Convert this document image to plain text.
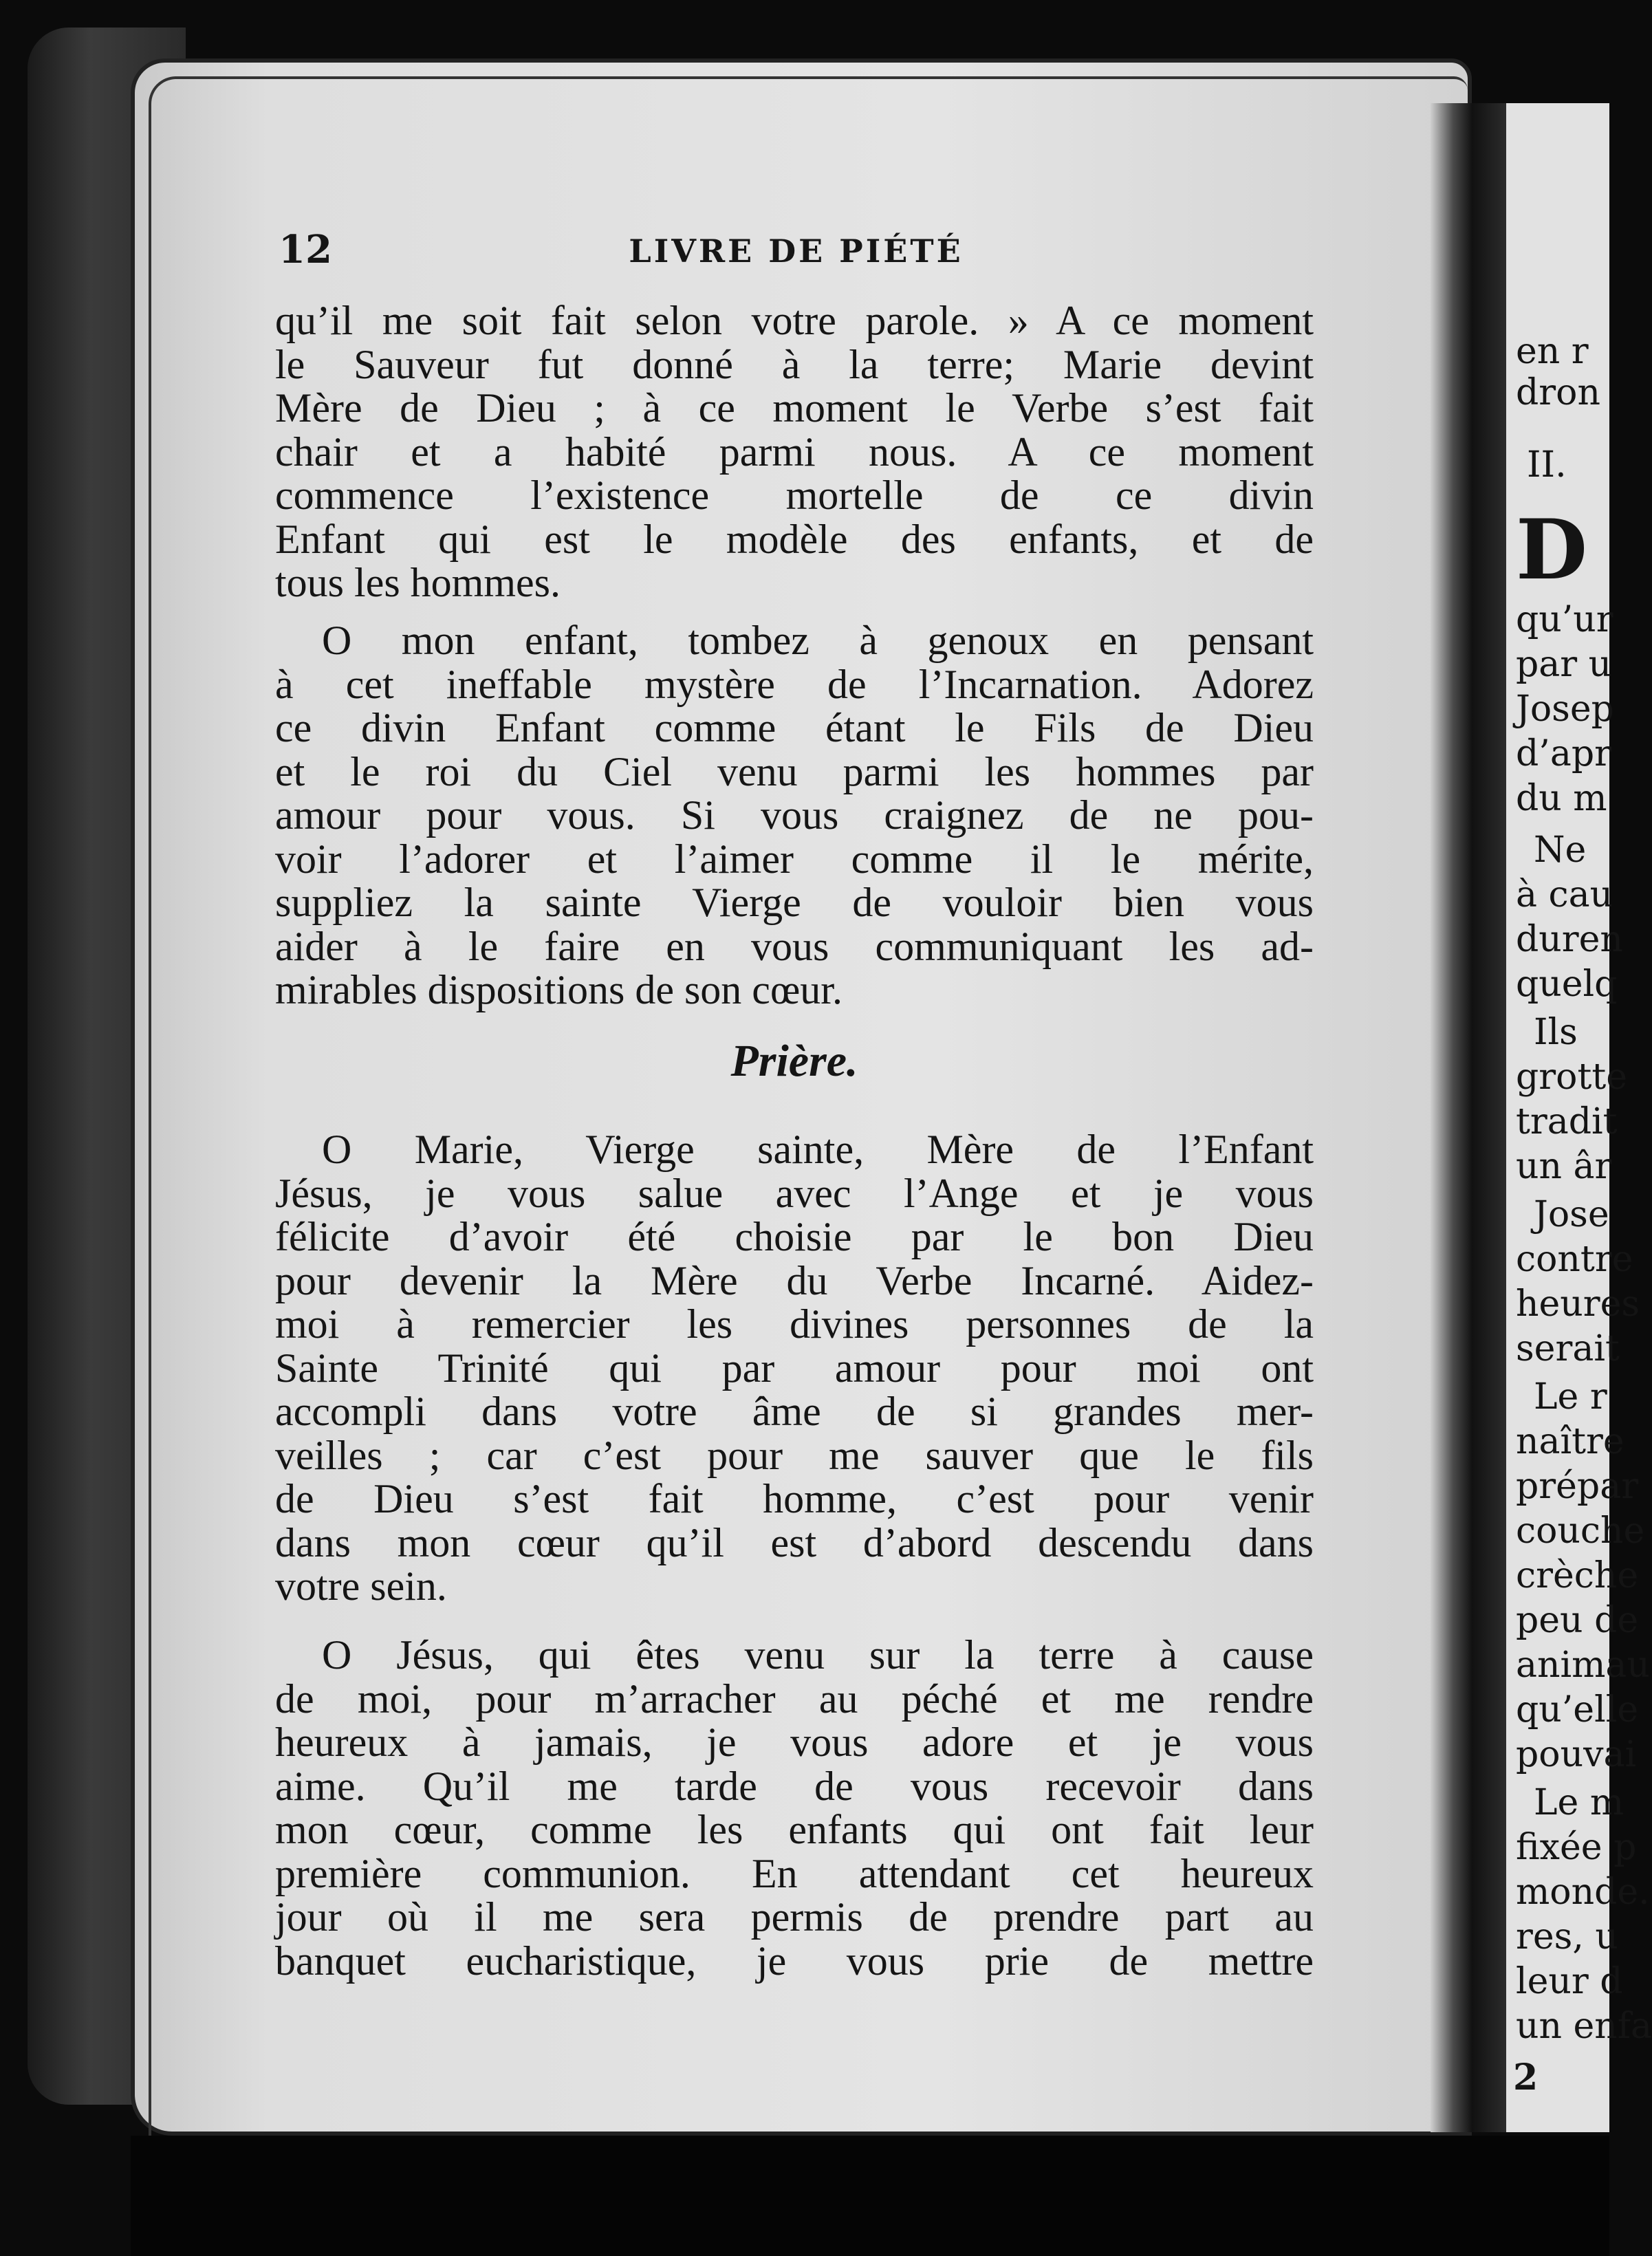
en r
dron
II.
D
qu’ur
par u
Josep
d’apr
du m
Ne
à cau
duren
quelq
Ils
grotte
tradit
un âr
Jose
contre
heures
serait
Le r
naître
prépar
couche
crèche
peu de
animau
qu’elle
pouvai
Le m
fixée p
monde.
res, u
leur d
un enfa
2
12	LIVRE DE PIÉTÉ
qu’il me soit fait selon votre parole. » A ce moment
le Sauveur fut donné à la terre; Marie devint
Mère de Dieu ; à ce moment le Verbe s’est fait
chair et a habité parmi nous. A ce moment
commence l’existence mortelle de ce divin
Enfant qui est le modèle des enfants, et de
tous les hommes.
O mon enfant, tombez à genoux en pensant
à cet ineffable mystère de l’Incarnation. Adorez
ce divin Enfant comme étant le Fils de Dieu
et le roi du Ciel venu parmi les hommes par
amour pour vous. Si vous craignez de ne pou-
voir l’adorer et l’aimer comme il le mérite,
suppliez la sainte Vierge de vouloir bien vous
aider à le faire en vous communiquant les ad-
mirables dispositions de son cœur.
Prière.
O Marie, Vierge sainte, Mère de l’Enfant
Jésus, je vous salue avec l’Ange et je vous
félicite d’avoir été choisie par le bon Dieu
pour devenir la Mère du Verbe Incarné. Aidez-
moi à remercier les divines personnes de la
Sainte Trinité qui par amour pour moi ont
accompli dans votre âme de si grandes mer-
veilles ; car c’est pour me sauver que le fils
de Dieu s’est fait homme, c’est pour venir
dans mon cœur qu’il est d’abord descendu dans
votre sein.
O Jésus, qui êtes venu sur la terre à cause
de moi, pour m’arracher au péché et me rendre
heureux à jamais, je vous adore et je vous
aime. Qu’il me tarde de vous recevoir dans
mon cœur, comme les enfants qui ont fait leur
première communion. En attendant cet heureux
jour où il me sera permis de prendre part au
banquet eucharistique, je vous prie de mettre
